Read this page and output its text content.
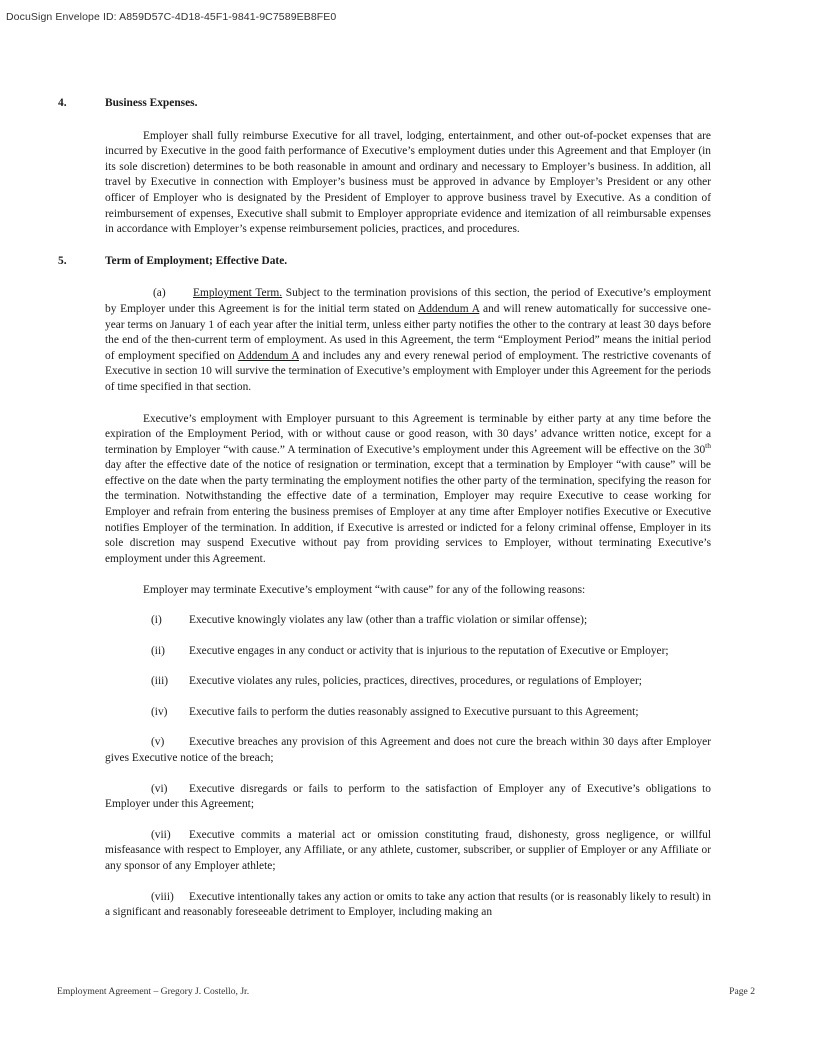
DocuSign Envelope ID: A859D57C-4D18-45F1-9841-9C7589EB8FE0
4.	Business Expenses.

Employer shall fully reimburse Executive for all travel, lodging, entertainment, and other out-of-pocket expenses that are incurred by Executive in the good faith performance of Executive’s employment duties under this Agreement and that Employer (in its sole discretion) determines to be both reasonable in amount and ordinary and necessary to Employer’s business. In addition, all travel by Executive in connection with Employer’s business must be approved in advance by Employer’s President or any other officer of Employer who is designated by the President of Employer to approve business travel by Executive. As a condition of reimbursement of expenses, Executive shall submit to Employer appropriate evidence and itemization of all reimbursable expenses in accordance with Employer’s expense reimbursement policies, practices, and procedures.

5.	Term of Employment; Effective Date.

(a) Employment Term. Subject to the termination provisions of this section, the period of Executive’s employment by Employer under this Agreement is for the initial term stated on Addendum A and will renew automatically for successive one-year terms on January 1 of each year after the initial term, unless either party notifies the other to the contrary at least 30 days before the end of the then-current term of employment. As used in this Agreement, the term “Employment Period” means the initial period of employment specified on Addendum A and includes any and every renewal period of employment. The restrictive covenants of Executive in section 10 will survive the termination of Executive’s employment with Employer under this Agreement for the periods of time specified in that section.

Executive’s employment with Employer pursuant to this Agreement is terminable by either party at any time before the expiration of the Employment Period, with or without cause or good reason, with 30 days’ advance written notice, except for a termination by Employer “with cause.” A termination of Executive’s employment under this Agreement will be effective on the 30th day after the effective date of the notice of resignation or termination, except that a termination by Employer “with cause” will be effective on the date when the party terminating the employment notifies the other party of the termination, specifying the reason for the termination. Notwithstanding the effective date of a termination, Employer may require Executive to cease working for Employer and refrain from entering the business premises of Employer at any time after Employer notifies Executive or Executive notifies Employer of the termination. In addition, if Executive is arrested or indicted for a felony criminal offense, Employer in its sole discretion may suspend Executive without pay from providing services to Employer, without terminating Executive’s employment under this Agreement.

Employer may terminate Executive’s employment “with cause” for any of the following reasons:

(i) Executive knowingly violates any law (other than a traffic violation or similar offense);

(ii) Executive engages in any conduct or activity that is injurious to the reputation of Executive or Employer;

(iii) Executive violates any rules, policies, practices, directives, procedures, or regulations of Employer;

(iv) Executive fails to perform the duties reasonably assigned to Executive pursuant to this Agreement;

(v) Executive breaches any provision of this Agreement and does not cure the breach within 30 days after Employer gives Executive notice of the breach;

(vi) Executive disregards or fails to perform to the satisfaction of Employer any of Executive’s obligations to Employer under this Agreement;

(vii) Executive commits a material act or omission constituting fraud, dishonesty, gross negligence, or willful misfeasance with respect to Employer, any Affiliate, or any athlete, customer, subscriber, or supplier of Employer or any Affiliate or any sponsor of any Employer athlete;

(viii) Executive intentionally takes any action or omits to take any action that results (or is reasonably likely to result) in a significant and reasonably foreseeable detriment to Employer, including making an

Employment Agreement – Gregory J. Costello, Jr.	Page 2
